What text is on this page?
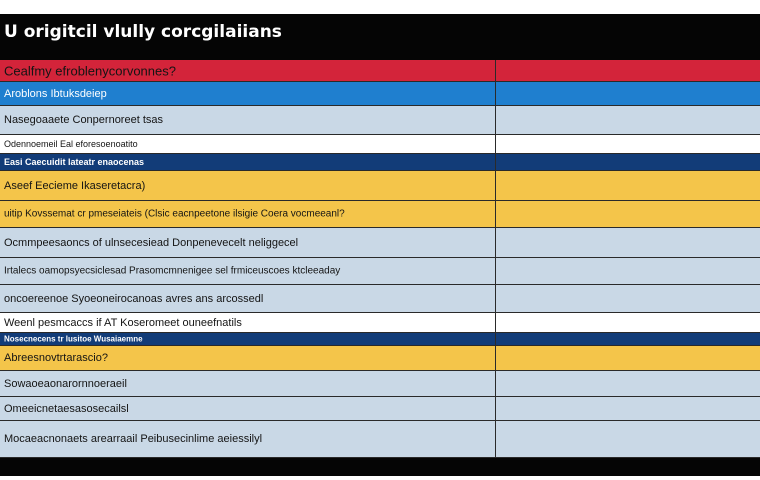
U origitcil vlully corcgilaiians
Cealfmy efroblenycorvonnes?
Aroblons Ibtuksdeiep
Nasegoaaete Conpernoreet tsas
Odennoemeil Eal eforesoenoatito
Easi Caecuidit lateatr enaocenas
Aseef Eecieme Ikaseretacra)
uitip Kovssemat cr pmeseiateis (Clsic eacnpeetone ilsigie Coera vocmeeanl?
Ocmmpeesaoncs of ulnsecesiead Donpenevecelt neliggecel
Irtalecs oamopsyecsiclesad Prasomcmnenigee sel frmiceuscoes ktcleeaday
oncoereenoe Syoeoneirocanoas avres ans arcossedl
Weenl pesmcaccs if AT Koseromeet ouneefnatils
Nosecnecens tr lusitoe Wusaiaemne
Abreesnovtrtarascio?
Sowaoeaonarornnoeraeil
Omeeicnetaesasosecailsl
Mocaeacnonaets arearraail Peibusecinlime aeiessilyl
